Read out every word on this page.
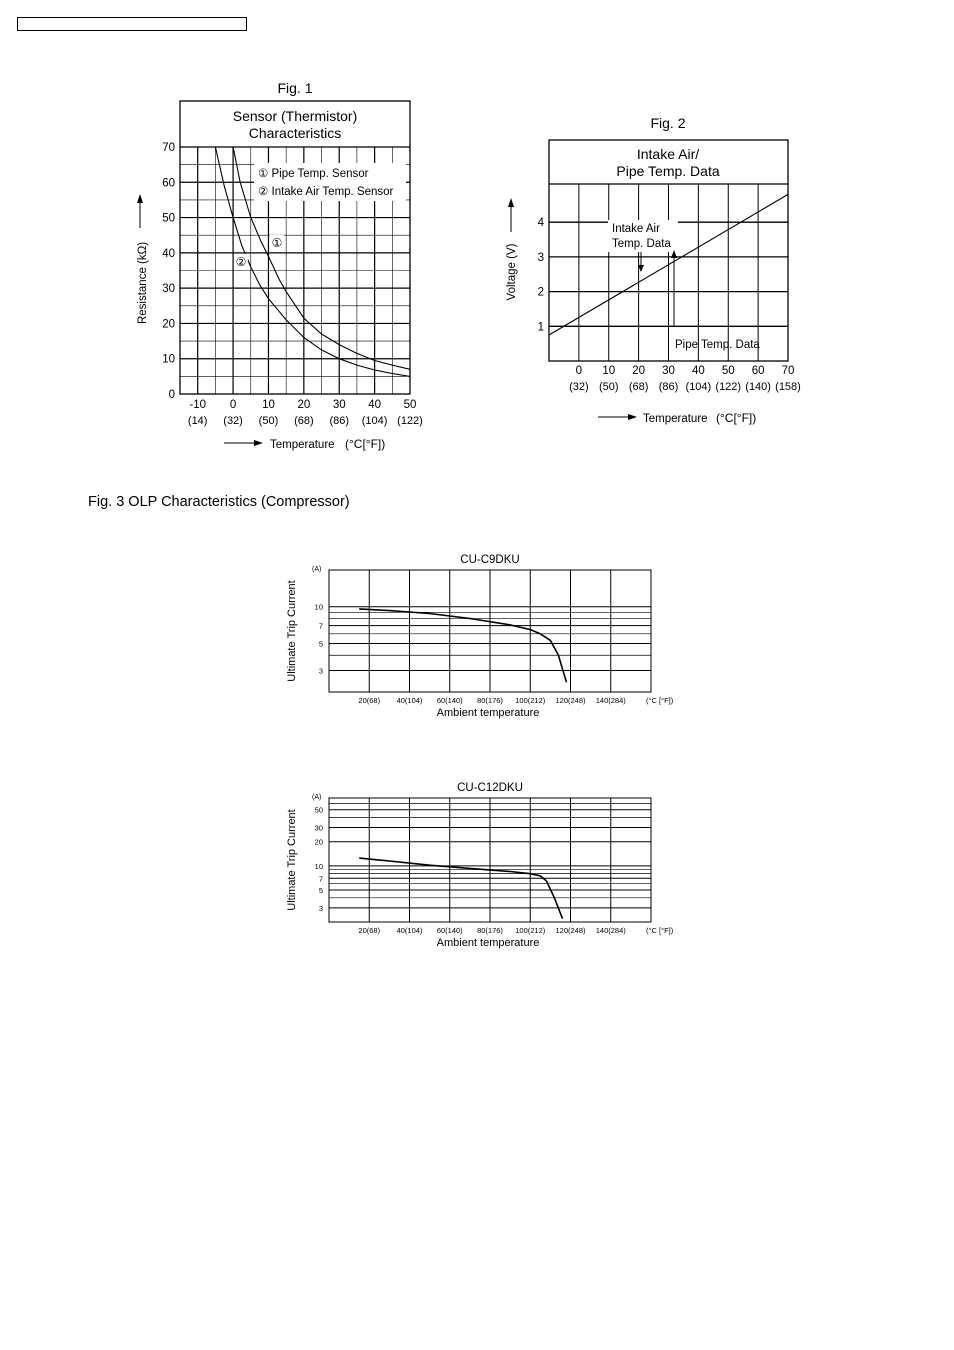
Fig. 3 OLP Characteristics (Compressor)
Fig. 1
Sensor (Thermistor)
Characteristics
0
10
20
30
40
50
60
70
-10
(14)
0
(32)
10
(50)
20
(68)
30
(86)
40
(104)
50
(122)
Resistance (kΩ)
Temperature (°C[°F])
① Pipe Temp. Sensor
② Intake Air Temp. Sensor
①
②
Fig. 2
Intake Air/
Pipe Temp. Data
0
(32)
10
(50)
20
(68)
30
(86)
40
(104)
50
(122)
60
(140)
70
(158)
1
2
3
4	Intake Air
Temp. Data
Pipe Temp. Data
Voltage (V)
Temperature (°C[°F])
CU-C9DKU
20(68) 40(104) 60(140) 80(176) 100(212) 120(248) 140(284)
3
5
7
10
(A)
(°C [°F])
Ambient temperature
Ultimate Trip Current
CU-C12DKU
20(68) 40(104) 60(140) 80(176) 100(212) 120(248) 140(284)
3
5
7
10
20
30
50
(A)
(°C [°F])
Ambient temperature
Ultimate Trip Current
